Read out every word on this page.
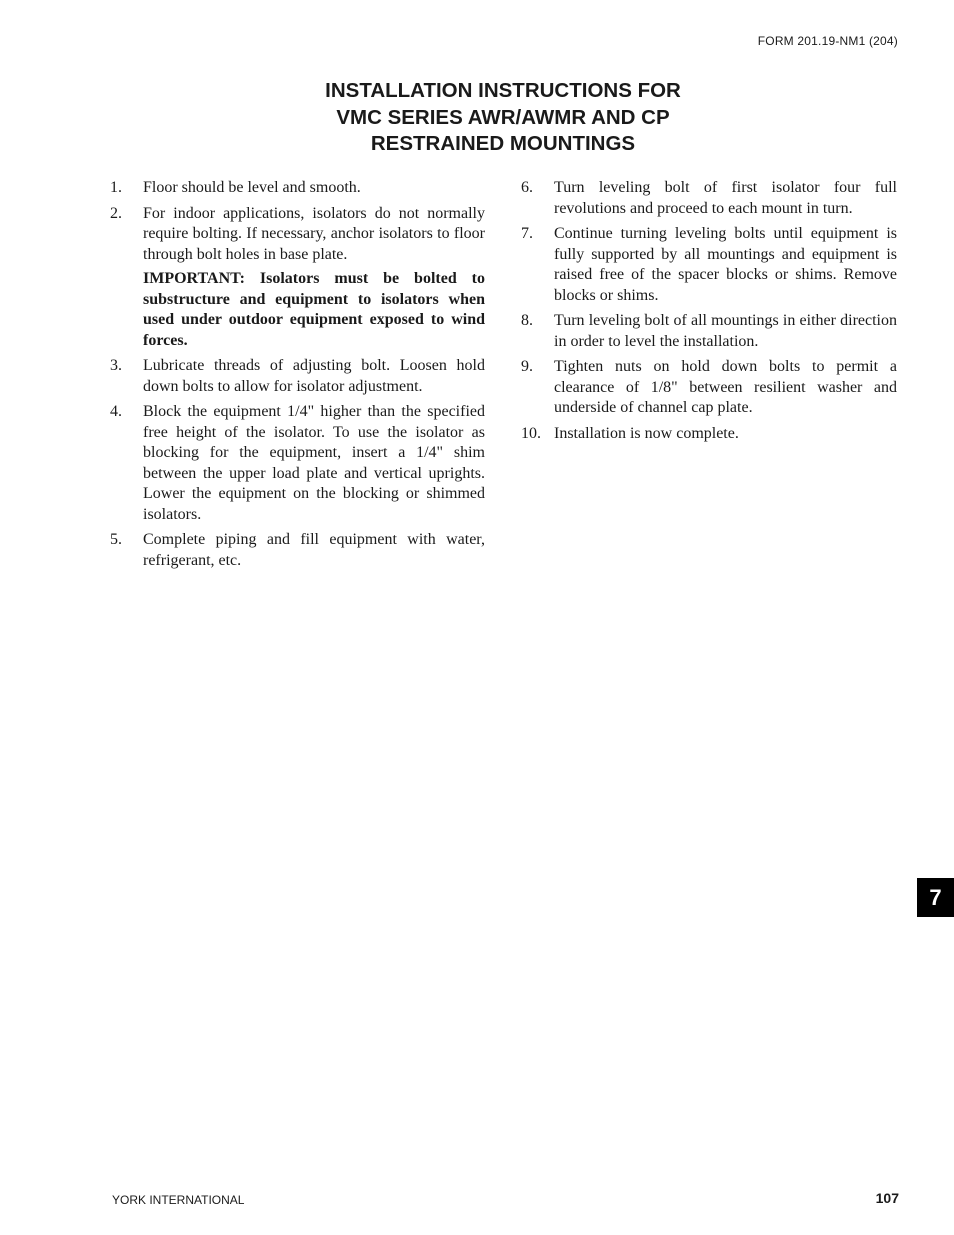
FORM 201.19-NM1 (204)
INSTALLATION INSTRUCTIONS FOR
VMC SERIES AWR/AWMR AND CP
RESTRAINED MOUNTINGS
1.	Floor should be level and smooth.

2.	For indoor applications, isolators do not normally require bolting. If necessary, anchor isolators to floor through bolt holes in base plate.

IMPORTANT: Isolators must be bolted to substructure and equipment to isolators when used under outdoor equipment exposed to wind forces.

3.	Lubricate threads of adjusting bolt. Loosen hold down bolts to allow for isolator adjustment.

4.	Block the equipment 1/4" higher than the specified free height of the isolator. To use the isolator as blocking for the equipment, insert a 1/4" shim between the upper load plate and vertical uprights. Lower the equipment on the blocking or shimmed isolators.

5.	Complete piping and fill equipment with water, refrigerant, etc.

6.	Turn leveling bolt of first isolator four full revolutions and proceed to each mount in turn.

7.	Continue turning leveling bolts until equipment is fully supported by all mountings and equipment is raised free of the spacer blocks or shims. Remove blocks or shims.

8.	Turn leveling bolt of all mountings in either direction in order to level the installation.

9.	Tighten nuts on hold down bolts to permit a clearance of 1/8" between resilient washer and underside of channel cap plate.

10. Installation is now complete.

7
YORK INTERNATIONAL	107
